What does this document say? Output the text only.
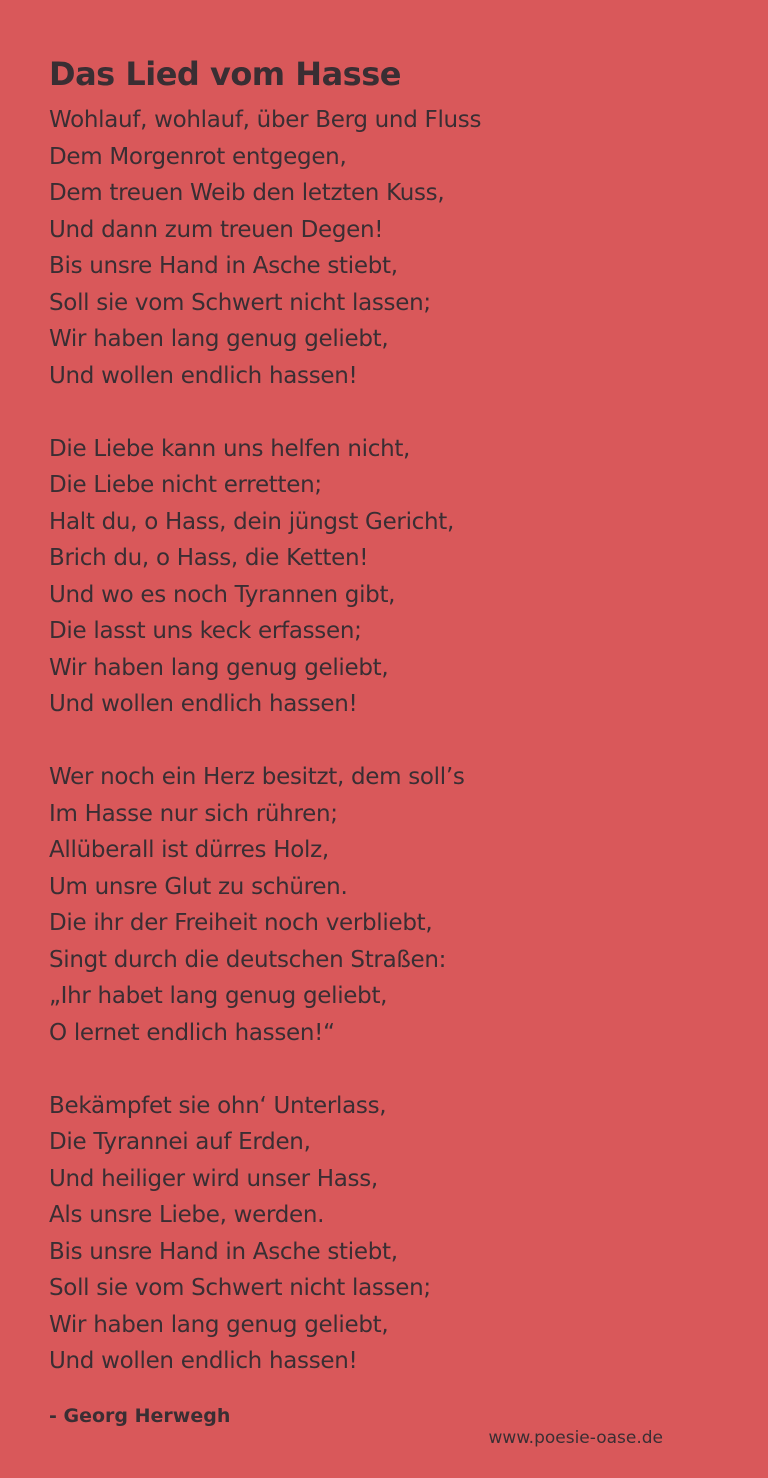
Das Lied vom Hasse
Wohlauf, wohlauf, über Berg und Fluss
Dem Morgenrot entgegen,
Dem treuen Weib den letzten Kuss,
Und dann zum treuen Degen!
Bis unsre Hand in Asche stiebt,
Soll sie vom Schwert nicht lassen;
Wir haben lang genug geliebt,
Und wollen endlich hassen!
Die Liebe kann uns helfen nicht,
Die Liebe nicht erretten;
Halt du, o Hass, dein jüngst Gericht,
Brich du, o Hass, die Ketten!
Und wo es noch Tyrannen gibt,
Die lasst uns keck erfassen;
Wir haben lang genug geliebt,
Und wollen endlich hassen!
Wer noch ein Herz besitzt, dem soll’s
Im Hasse nur sich rühren;
Allüberall ist dürres Holz,
Um unsre Glut zu schüren.
Die ihr der Freiheit noch verbliebt,
Singt durch die deutschen Straßen:
„Ihr habet lang genug geliebt,
O lernet endlich hassen!“
Bekämpfet sie ohn‘ Unterlass,
Die Tyrannei auf Erden,
Und heiliger wird unser Hass,
Als unsre Liebe, werden.
Bis unsre Hand in Asche stiebt,
Soll sie vom Schwert nicht lassen;
Wir haben lang genug geliebt,
Und wollen endlich hassen!
- Georg Herwegh
www.poesie-oase.de
